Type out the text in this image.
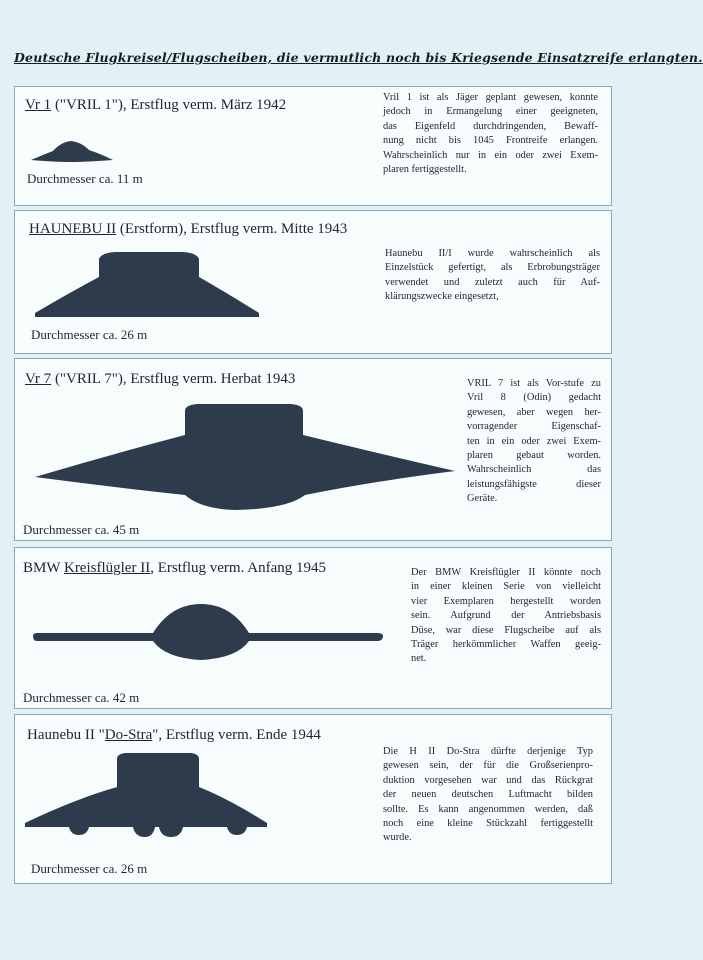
Deutsche Flugkreisel/Flugscheiben, die vermutlich noch bis Kriegsende Einsatzreife erlangten.
Vr 1 ("VRIL 1"), Erstflug verm. März 1942
Durchmesser ca. 11 m
Vril 1 ist als Jäger geplant gewesen, konnte
jedoch in Ermangelung einer geeigneten,
das Eigenfeld durchdringenden, Bewaff-
nung nicht bis 1045 Frontreife erlangen.
Wahrscheinlich nur in ein oder zwei Exem-
plaren fertiggestellt.
HAUNEBU II (Erstform), Erstflug verm. Mitte 1943
Durchmesser ca. 26 m
Haunebu II/I wurde wahrscheinlich als
Einzelstück gefertigt, als Erbrobungsträger
verwendet und zuletzt auch für Auf-
klärungszwecke eingesetzt,
Vr 7 ("VRIL 7"), Erstflug verm. Herbat 1943
Durchmesser ca. 45 m
VRIL 7 ist als Vor-stufe zu
Vril 8 (Odin) gedacht
gewesen, aber wegen her-
vorragender Eigenschaf-
ten in ein oder zwei Exem-
plaren gebaut worden.
Wahrscheinlich das
leistungsfähigste dieser
Geräte.
BMW Kreisflügler II, Erstflug verm. Anfang 1945
Durchmesser ca. 42 m
Der BMW Kreisflügler II könnte noch
in einer kleinen Serie von vielleicht
vier Exemplaren hergestellt worden
sein. Aufgrund der Antriebsbasis
Düse, war diese Flugscheibe auf als
Träger herkömmlicher Waffen geeig-
net.
Haunebu II "Do-Stra", Erstflug verm. Ende 1944
Durchmesser ca. 26 m
Die H II Do-Stra dürfte derjenige Typ
gewesen sein, der für die Großserienpro-
duktion vorgesehen war und das Rückgrat
der neuen deutschen Luftmacht bilden
sollte. Es kann angenommen werden, daß
noch eine kleine Stückzahl fertiggestellt
wurde.
